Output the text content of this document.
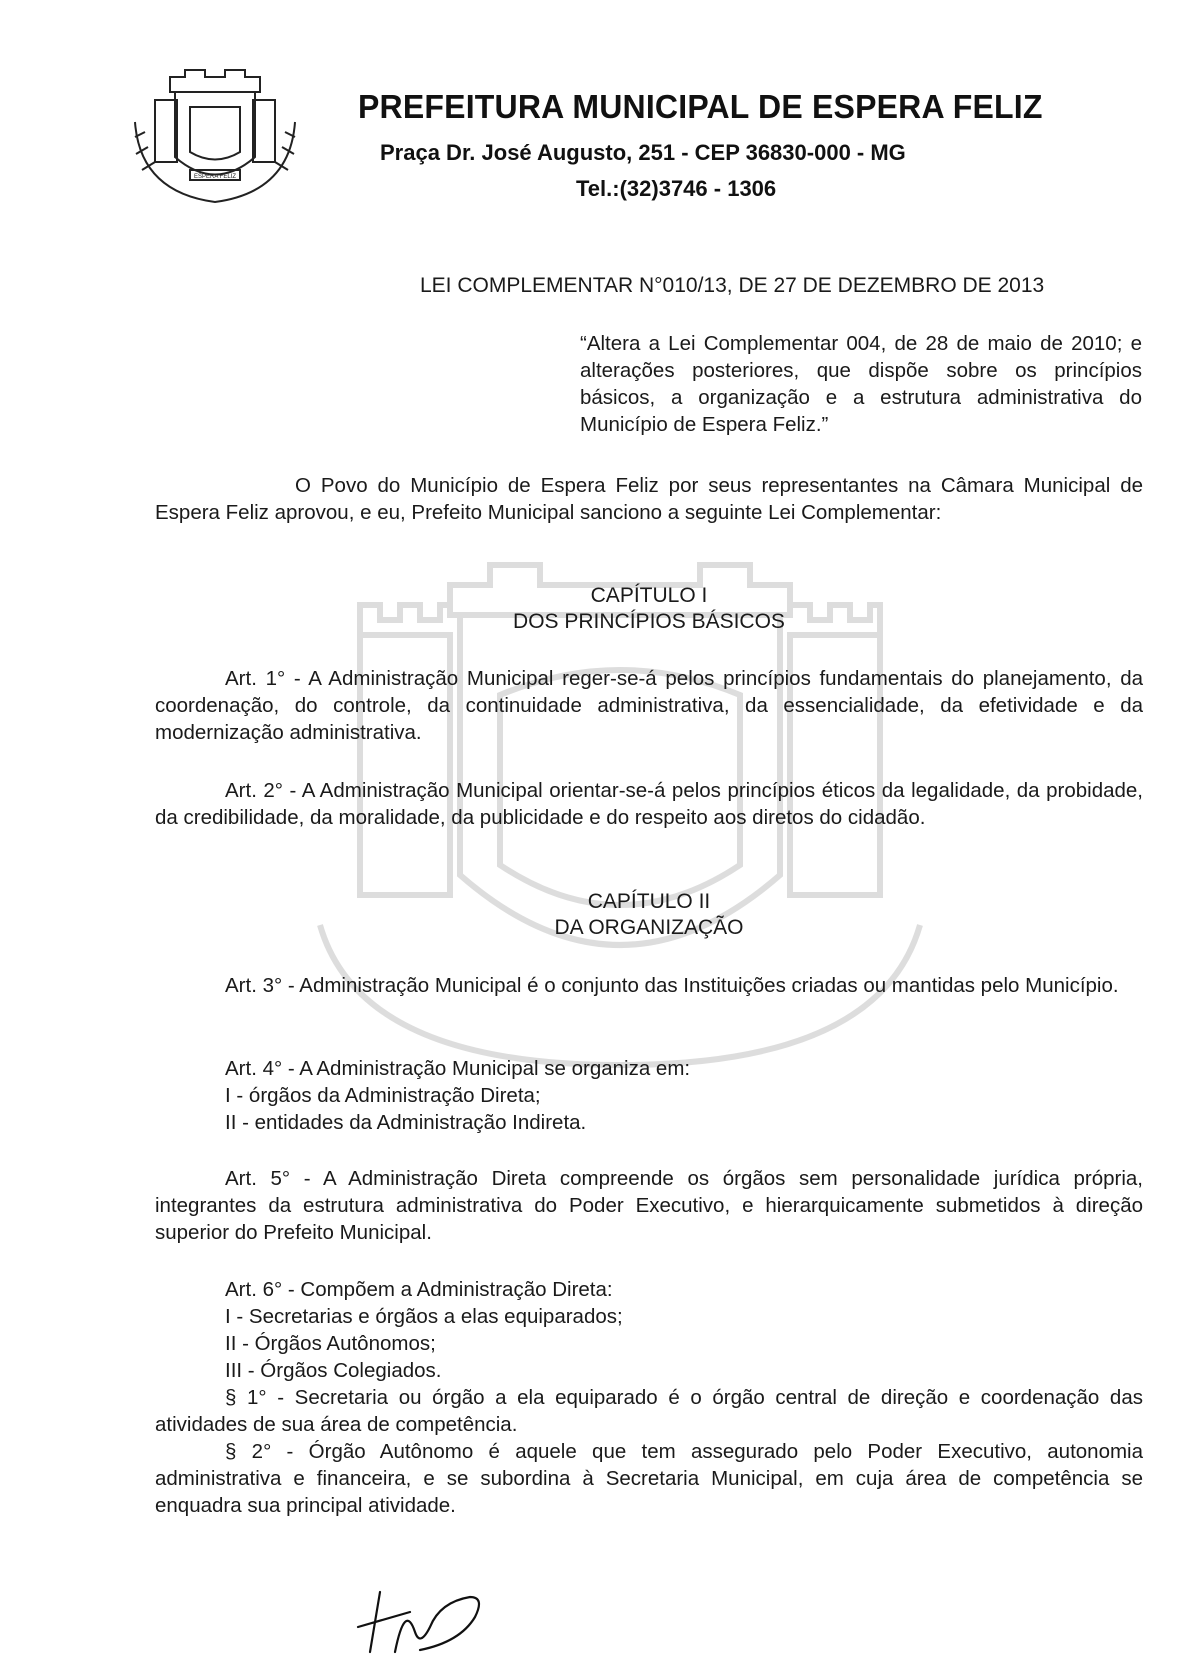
ESPERA FELIZ
PREFEITURA MUNICIPAL DE ESPERA FELIZ
Praça Dr. José Augusto, 251 - CEP 36830-000 - MG
Tel.:(32)3746 - 1306
LEI COMPLEMENTAR N°010/13, DE 27 DE DEZEMBRO DE 2013
“Altera a Lei Complementar 004, de 28 de maio de 2010; e alterações posteriores, que dispõe sobre os princípios básicos, a organização e a estrutura administrativa do Município de Espera Feliz.”
O Povo do Município de Espera Feliz por seus representantes na Câmara Municipal de Espera Feliz aprovou, e eu, Prefeito Municipal sanciono a seguinte Lei Complementar:
CAPÍTULO I
DOS PRINCÍPIOS BÁSICOS
Art. 1° - A Administração Municipal reger-se-á pelos princípios fundamentais do planejamento, da coordenação, do controle, da continuidade administrativa, da essencialidade, da efetividade e da modernização administrativa.
Art. 2° - A Administração Municipal orientar-se-á pelos princípios éticos da legalidade, da probidade, da credibilidade, da moralidade, da publicidade e do respeito aos diretos do cidadão.
CAPÍTULO II
DA ORGANIZAÇÃO
Art. 3° - Administração Municipal é o conjunto das Instituições criadas ou mantidas pelo Município.
Art. 4° - A Administração Municipal se organiza em:
I - órgãos da Administração Direta;
II - entidades da Administração Indireta.
Art. 5° - A Administração Direta compreende os órgãos sem personalidade jurídica própria, integrantes da estrutura administrativa do Poder Executivo, e hierarquicamente submetidos à direção superior do Prefeito Municipal.
Art. 6° - Compõem a Administração Direta:
I - Secretarias e órgãos a elas equiparados;
II - Órgãos Autônomos;
III - Órgãos Colegiados.
§ 1° - Secretaria ou órgão a ela equiparado é o órgão central de direção e coordenação das atividades de sua área de competência.
§ 2° - Órgão Autônomo é aquele que tem assegurado pelo Poder Executivo, autonomia administrativa e financeira, e se subordina à Secretaria Municipal, em cuja área de competência se enquadra sua principal atividade.
